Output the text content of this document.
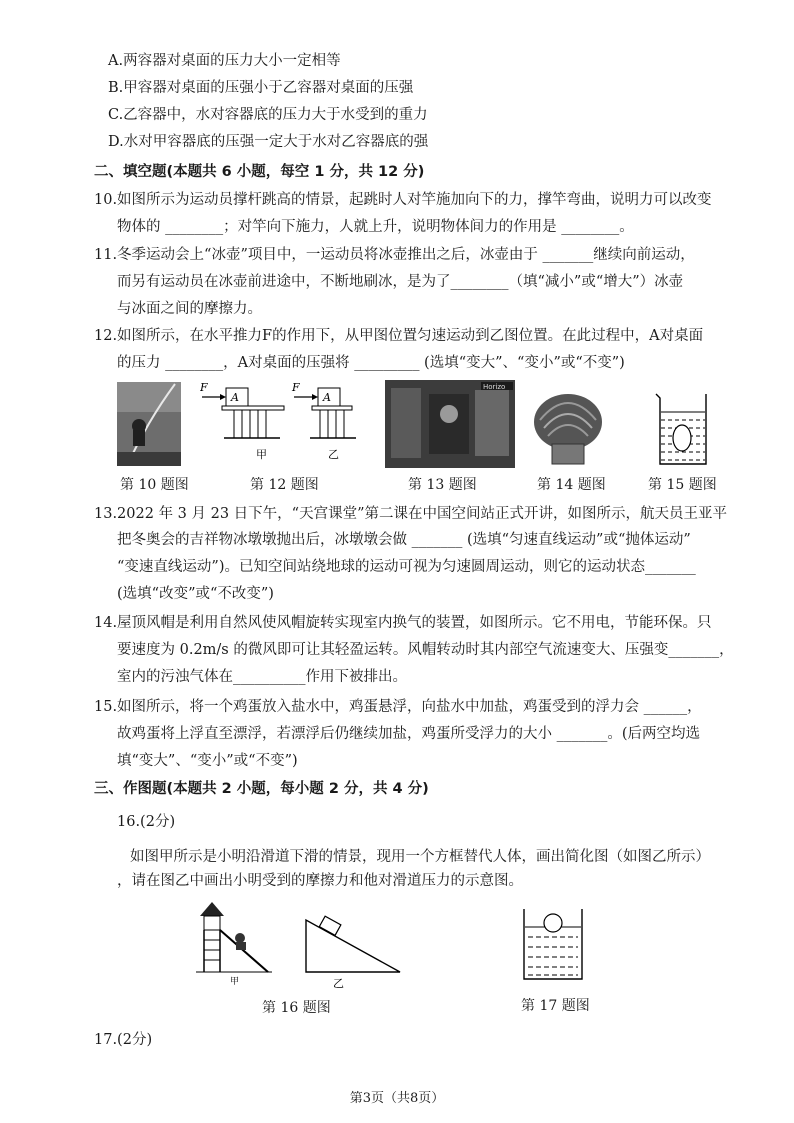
A.两容器对桌面的压力大小一定相等
B.甲容器对桌面的压强小于乙容器对桌面的压强
C.乙容器中，水对容器底的压力大于水受到的重力
D.水对甲容器底的压强一定大于水对乙容器底的强
二、填空题(本题共 6 小题，每空 1 分，共 12 分)
10.如图所示为运动员撑杆跳高的情景，起跳时人对竿施加向下的力，撑竿弯曲，说明力可以改变
物体的 ________；对竿向下施力，人就上升，说明物体间力的作用是 ________。
11.冬季运动会上“冰壶”项目中，一运动员将冰壶推出之后，冰壶由于 _______继续向前运动，
而另有运动员在冰壶前进途中，不断地刷冰，是为了________（填“减小”或“增大”）冰壶
与冰面之间的摩擦力。
12.如图所示，在水平推力F的作用下，从甲图位置匀速运动到乙图位置。在此过程中，A对桌面
的压力 ________，A对桌面的压强将 _________ (选填“变大”、“变小”或“不变”)
F
A
F
A
甲	乙
Horizo
第 10 题图	第 12 题图	第 13 题图	第 14 题图	第 15 题图
13.2022 年 3 月 23 日下午，“天宫课堂”第二课在中国空间站正式开讲，如图所示，航天员王亚平
把冬奥会的吉祥物冰墩墩抛出后，冰墩墩会做 _______ (选填“匀速直线运动”或“抛体运动”
“变速直线运动”)。已知空间站绕地球的运动可视为匀速圆周运动，则它的运动状态_______
(选填“改变”或“不改变”)
14.屋顶风帽是利用自然风使风帽旋转实现室内换气的装置，如图所示。它不用电，节能环保。只
要速度为 0.2m/s 的微风即可让其轻盈运转。风帽转动时其内部空气流速变大、压强变_______，
室内的污浊气体在__________作用下被排出。
15.如图所示，将一个鸡蛋放入盐水中，鸡蛋悬浮，向盐水中加盐，鸡蛋受到的浮力会 ______，
故鸡蛋将上浮直至漂浮，若漂浮后仍继续加盐，鸡蛋所受浮力的大小 _______。(后两空均选
填“变大”、“变小”或“不变”)
三、作图题(本题共 2 小题，每小题 2 分，共 4 分)
16.(2分)
如图甲所示是小明沿滑道下滑的情景，现用一个方框替代人体，画出简化图（如图乙所示）
，请在图乙中画出小明受到的摩擦力和他对滑道压力的示意图。
甲	乙
第 16 题图	第 17 题图
17.(2分)
第3页（共8页）
